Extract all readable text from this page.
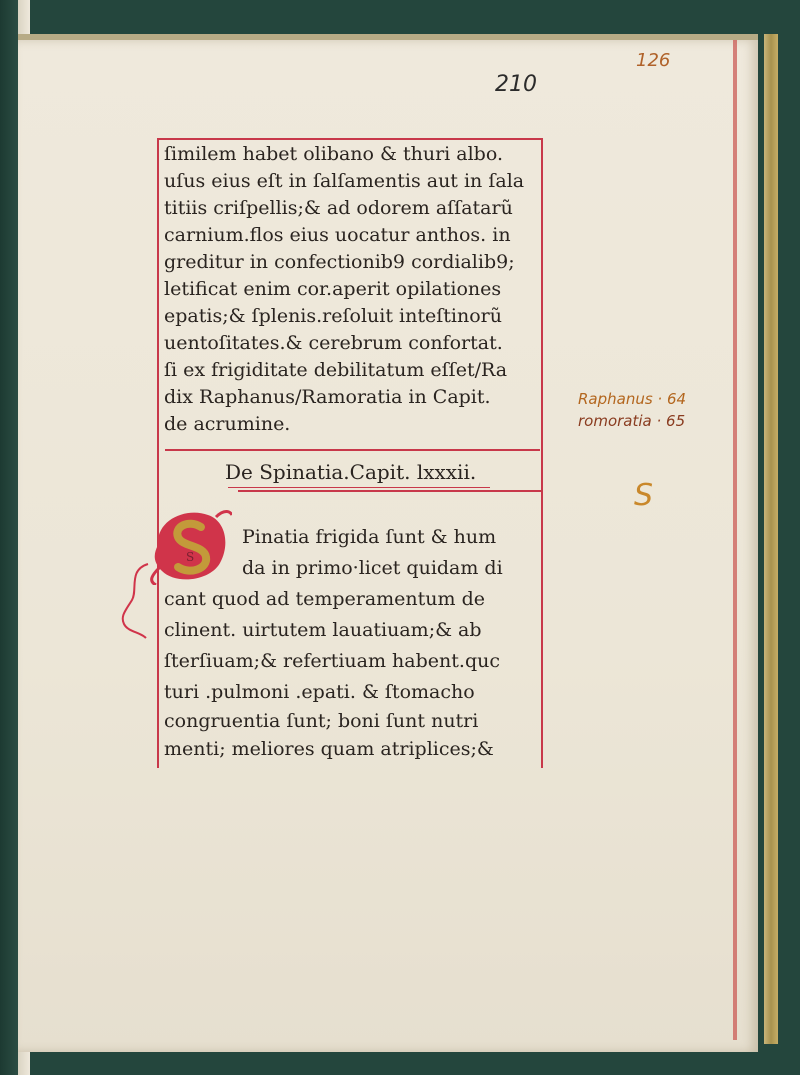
210
126
ſimilem habet olibano & thuri albo.
uſus eius eſt in ſalſamentis aut in ſala
titiis criſpellis;& ad odorem aſſatarũ
carnium.flos eius uocatur anthos. in
greditur in confectionib9 cordialib9;
letificat enim cor.aperit opilationes
epatis;& ſplenis.reſoluit inteſtinorũ
uentoſitates.& cerebrum confortat.
ſi ex frigiditate debilitatum eſſet/Ra
dix Raphanus/Ramoratia in Capit.
de acrumine.
De Spinatia.Capit. lxxxii.
S
Pinatia frigida ſunt & hum
da in primo·licet quidam di
cant quod ad temperamentum de
clinent. uirtutem lauatiuam;& ab
ſterſiuam;& refertiuam habent.quc
turi .pulmoni .epati. & ſtomacho
congruentia ſunt; boni ſunt nutri
menti; meliores quam atriplices;&
Raphanus · 64
romoratia · 65
S
